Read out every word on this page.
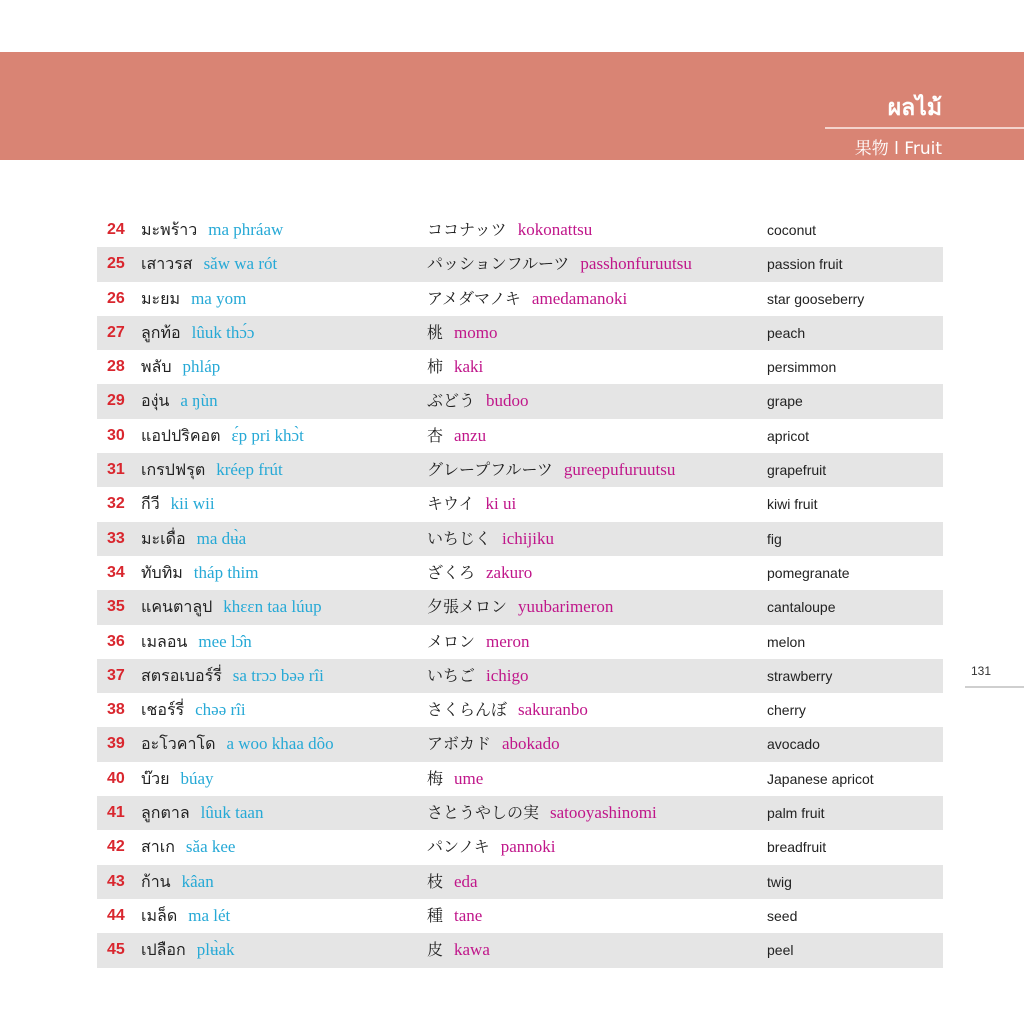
ผลไม้
果物 l Fruit
24 มะพร้าว ma phráaw	ココナッツ kokonattsu	coconut
25 เสาวรส sǎw wa rót	パッションフルーツ passhonfuruutsu	passion fruit
26 มะยม ma yom	アメダマノキ amedamanoki	star gooseberry
27 ลูกท้อ lûuk thɔ́ɔ	桃 momo	peach
28 พลับ phláp	柿 kaki	persimmon
29 องุ่น a ŋùn	ぶどう budoo	grape
30 แอปปริคอต ɛ́p pri khɔ̀t	杏 anzu	apricot
31 เกรปฟรุต kréep frút	グレープフルーツ gureepufuruutsu	grapefruit
32 กีวี kii wii	キウイ ki ui	kiwi fruit
33 มะเดื่อ ma dʉ̀a	いちじく ichijiku	fig
34 ทับทิม tháp thim	ざくろ zakuro	pomegranate
35 แคนตาลูป khɛɛn taa lúup	夕張メロン yuubarimeron	cantaloupe
36 เมลอน mee lɔ̂n	メロン meron	melon
37 สตรอเบอร์รี่ sa trɔɔ bəə rîi	いちご ichigo	strawberry
38 เชอร์รี่ chəə rîi	さくらんぼ sakuranbo	cherry
39 อะโวคาโด a woo khaa dôo	アボカド abokado	avocado
40 บ๊วย búay	梅 ume	Japanese apricot
41 ลูกตาล lûuk taan	さとうやしの実 satooyashinomi	palm fruit
42 สาเก sǎa kee	パンノキ pannoki	breadfruit
43 ก้าน kâan	枝 eda	twig
44 เมล็ด ma lét	種 tane	seed
45 เปลือก plʉ̀ak	皮 kawa	peel
131
